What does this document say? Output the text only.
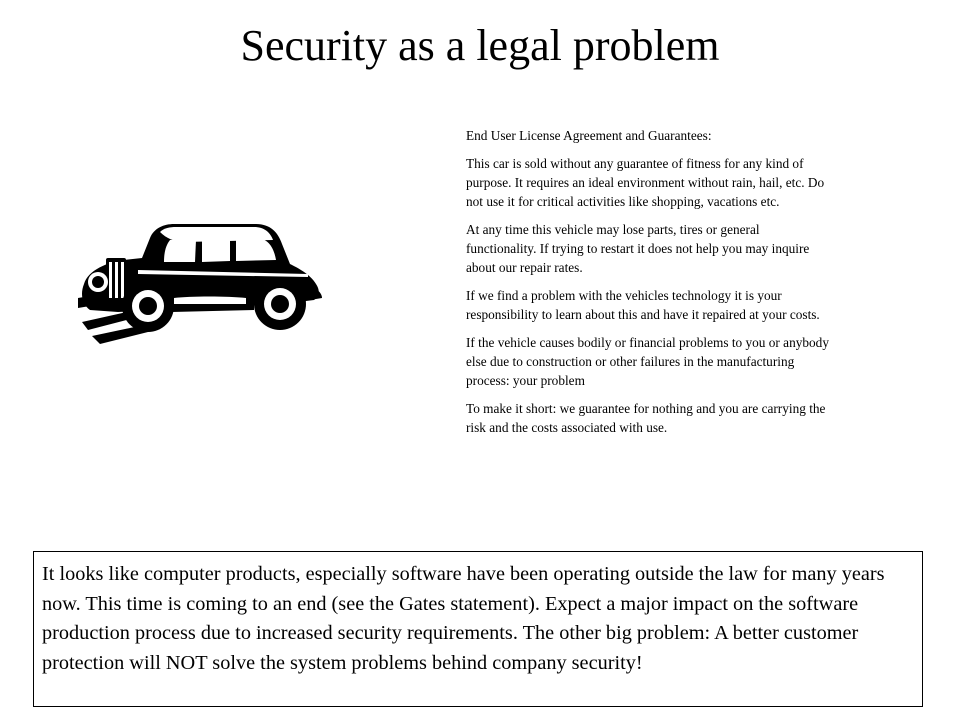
Security as a legal problem

End User License Agreement and Guarantees:

This car is sold without any guarantee of fitness for any kind of purpose. It requires an ideal environment without rain, hail, etc. Do not use it for critical activities like shopping, vacations etc.

At any time this vehicle may lose parts, tires or general functionality. If trying to restart it does not help you may inquire about our repair rates.

If we find a problem with the vehicles technology it is your responsibility to learn about this and have it repaired at your costs.

If the vehicle causes bodily or financial problems to you or anybody else due to construction or other failures in the manufacturing process: your problem

To make it short: we guarantee for nothing and you are carrying the risk and the costs associated with use.

It looks like computer products, especially software have been operating outside the law for many years now. This time is coming to an end (see the Gates statement). Expect a major impact on the software production process due to increased security requirements. The other big problem: A better customer protection will NOT solve the system problems behind company security!
